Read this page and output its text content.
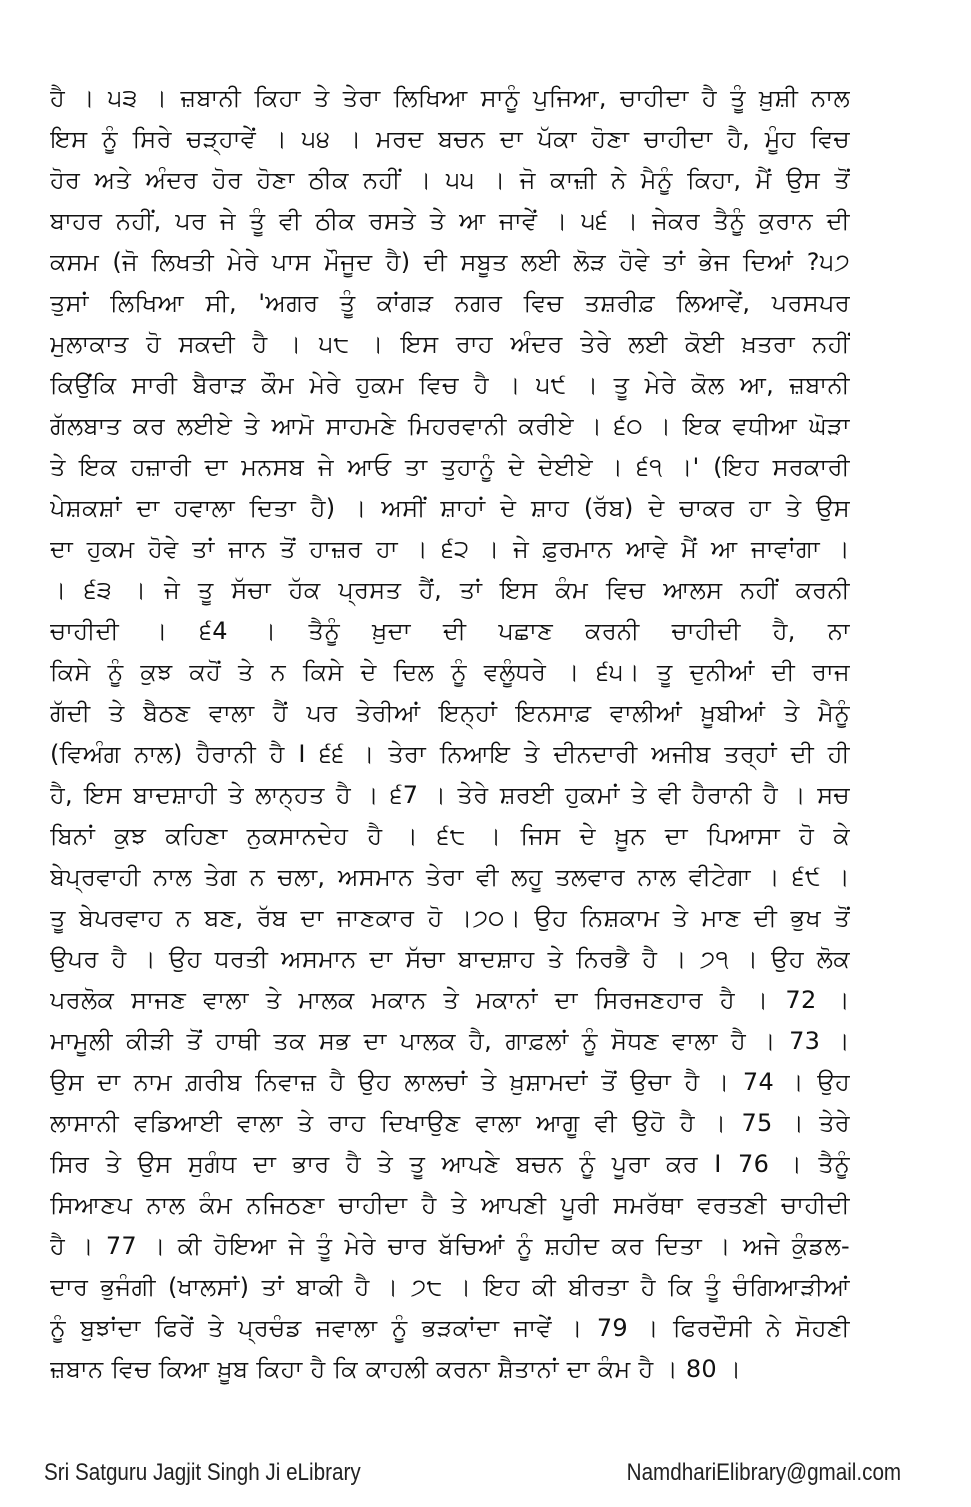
ਹੈ । ੫੩ । ਜ਼ਬਾਨੀ ਕਿਹਾ ਤੇ ਤੇਰਾ ਲਿਖਿਆ ਸਾਨੂੰ ਪੁਜਿਆ, ਚਾਹੀਦਾ ਹੈ ਤੂੰ ਖ਼ੁਸ਼ੀ ਨਾਲ
ਇਸ ਨੂੰ ਸਿਰੇ ਚੜ੍ਹਾਵੇਂ । ੫੪ । ਮਰਦ ਬਚਨ ਦਾ ਪੱਕਾ ਹੋਣਾ ਚਾਹੀਦਾ ਹੈ, ਮੂੰਹ ਵਿਚ
ਹੋਰ ਅਤੇ ਅੰਦਰ ਹੋਰ ਹੋਣਾ ਠੀਕ ਨਹੀਂ । ੫੫ । ਜੋ ਕਾਜ਼ੀ ਨੇ ਮੈਨੂੰ ਕਿਹਾ, ਮੈਂ ਉਸ ਤੋਂ
ਬਾਹਰ ਨਹੀਂ, ਪਰ ਜੇ ਤੂੰ ਵੀ ਠੀਕ ਰਸਤੇ ਤੇ ਆ ਜਾਵੇਂ । ੫੬ । ਜੇਕਰ ਤੈਨੂੰ ਕੁਰਾਨ ਦੀ
ਕਸਮ (ਜੋ ਲਿਖਤੀ ਮੇਰੇ ਪਾਸ ਮੌਜੂਦ ਹੈ) ਦੀ ਸਬੂਤ ਲਈ ਲੋੜ ਹੋਵੇ ਤਾਂ ਭੇਜ ਦਿਆਂ ?੫੭
ਤੁਸਾਂ ਲਿਖਿਆ ਸੀ, 'ਅਗਰ ਤੂੰ ਕਾਂਗੜ ਨਗਰ ਵਿਚ ਤਸ਼ਰੀਫ਼ ਲਿਆਵੇਂ, ਪਰਸਪਰ
ਮੁਲਾਕਾਤ ਹੋ ਸਕਦੀ ਹੈ । ੫੮ । ਇਸ ਰਾਹ ਅੰਦਰ ਤੇਰੇ ਲਈ ਕੋਈ ਖ਼ਤਰਾ ਨਹੀਂ
ਕਿਉਂਕਿ ਸਾਰੀ ਬੈਰਾੜ ਕੌਮ ਮੇਰੇ ਹੁਕਮ ਵਿਚ ਹੈ । ੫੯ । ਤੂ ਮੇਰੇ ਕੋਲ ਆ, ਜ਼ਬਾਨੀ
ਗੱਲਬਾਤ ਕਰ ਲਈਏ ਤੇ ਆਮੋ ਸਾਹਮਣੇ ਮਿਹਰਵਾਨੀ ਕਰੀਏ । ੬੦ । ਇਕ ਵਧੀਆ ਘੋੜਾ
ਤੇ ਇਕ ਹਜ਼ਾਰੀ ਦਾ ਮਨਸਬ ਜੇ ਆਓ ਤਾ ਤੁਹਾਨੂੰ ਦੇ ਦੇਈਏ । ੬੧ ।' (ਇਹ ਸਰਕਾਰੀ
ਪੇਸ਼ਕਸ਼ਾਂ ਦਾ ਹਵਾਲਾ ਦਿਤਾ ਹੈ) । ਅਸੀਂ ਸ਼ਾਹਾਂ ਦੇ ਸ਼ਾਹ (ਰੱਬ) ਦੇ ਚਾਕਰ ਹਾ ਤੇ ਉਸ
ਦਾ ਹੁਕਮ ਹੋਵੇ ਤਾਂ ਜਾਨ ਤੋਂ ਹਾਜ਼ਰ ਹਾ । ੬੨ । ਜੇ ਫ਼ੁਰਮਾਨ ਆਵੇ ਮੈਂ ਆ ਜਾਵਾਂਗਾ ।
। ੬੩ । ਜੇ ਤੂ ਸੱਚਾ ਹੱਕ ਪ੍ਰਸਤ ਹੈਂ, ਤਾਂ ਇਸ ਕੰਮ ਵਿਚ ਆਲਸ ਨਹੀਂ ਕਰਨੀ
ਚਾਹੀਦੀ । ੬4 । ਤੈਨੂੰ ਖ਼ੁਦਾ ਦੀ ਪਛਾਣ ਕਰਨੀ ਚਾਹੀਦੀ ਹੈ, ਨਾ
ਕਿਸੇ ਨੂੰ ਕੁਝ ਕਹੋਂ ਤੇ ਨ ਕਿਸੇ ਦੇ ਦਿਲ ਨੂੰ ਵਲੂੰਧਰੇ । ੬੫। ਤੂ ਦੁਨੀਆਂ ਦੀ ਰਾਜ
ਗੱਦੀ ਤੇ ਬੈਠਣ ਵਾਲਾ ਹੈਂ ਪਰ ਤੇਰੀਆਂ ਇਨ੍ਹਾਂ ਇਨਸਾਫ਼ ਵਾਲੀਆਂ ਖ਼ੂਬੀਆਂ ਤੇ ਮੈਨੂੰ
(ਵਿਅੰਗ ਨਾਲ) ਹੈਰਾਨੀ ਹੈ I ੬੬ । ਤੇਰਾ ਨਿਆਇ ਤੇ ਦੀਨਦਾਰੀ ਅਜੀਬ ਤਰ੍ਹਾਂ ਦੀ ਹੀ
ਹੈ, ਇਸ ਬਾਦਸ਼ਾਹੀ ਤੇ ਲਾਨ੍ਹਤ ਹੈ । ੬7 । ਤੇਰੇ ਸ਼ਰਈ ਹੁਕਮਾਂ ਤੇ ਵੀ ਹੈਰਾਨੀ ਹੈ । ਸਚ
ਬਿਨਾਂ ਕੁਝ ਕਹਿਣਾ ਨੁਕਸਾਨਦੇਹ ਹੈ । ੬੮ । ਜਿਸ ਦੇ ਖ਼ੂਨ ਦਾ ਪਿਆਸਾ ਹੋ ਕੇ
ਬੇਪ੍ਰਵਾਹੀ ਨਾਲ ਤੇਗ ਨ ਚਲਾ, ਅਸਮਾਨ ਤੇਰਾ ਵੀ ਲਹੂ ਤਲਵਾਰ ਨਾਲ ਵੀਟੇਗਾ । ੬੯ ।
ਤੂ ਬੇਪਰਵਾਹ ਨ ਬਣ, ਰੱਬ ਦਾ ਜਾਣਕਾਰ ਹੋ ।੭੦। ਉਹ ਨਿਸ਼ਕਾਮ ਤੇ ਮਾਣ ਦੀ ਭੁਖ ਤੋਂ
ਉਪਰ ਹੈ । ਉਹ ਧਰਤੀ ਅਸਮਾਨ ਦਾ ਸੱਚਾ ਬਾਦਸ਼ਾਹ ਤੇ ਨਿਰਭੈ ਹੈ । ੭੧ । ਉਹ ਲੋਕ
ਪਰਲੋਕ ਸਾਜਣ ਵਾਲਾ ਤੇ ਮਾਲਕ ਮਕਾਨ ਤੇ ਮਕਾਨਾਂ ਦਾ ਸਿਰਜਣਹਾਰ ਹੈ । 72 ।
ਮਾਮੂਲੀ ਕੀੜੀ ਤੋਂ ਹਾਥੀ ਤਕ ਸਭ ਦਾ ਪਾਲਕ ਹੈ, ਗਾਫ਼ਲਾਂ ਨੂੰ ਸੋਧਣ ਵਾਲਾ ਹੈ । 73 ।
ਉਸ ਦਾ ਨਾਮ ਗ਼ਰੀਬ ਨਿਵਾਜ਼ ਹੈ ਉਹ ਲਾਲਚਾਂ ਤੇ ਖ਼ੁਸ਼ਾਮਦਾਂ ਤੋਂ ਉਚਾ ਹੈ । 74 । ਉਹ
ਲਾਸਾਨੀ ਵਡਿਆਈ ਵਾਲਾ ਤੇ ਰਾਹ ਦਿਖਾਉਣ ਵਾਲਾ ਆਗੂ ਵੀ ਉਹੋ ਹੈ । 75 । ਤੇਰੇ
ਸਿਰ ਤੇ ਉਸ ਸੁਗੰਧ ਦਾ ਭਾਰ ਹੈ ਤੇ ਤੂ ਆਪਣੇ ਬਚਨ ਨੂੰ ਪੂਰਾ ਕਰ I 76 । ਤੈਨੂੰ
ਸਿਆਣਪ ਨਾਲ ਕੰਮ ਨਜਿਠਣਾ ਚਾਹੀਦਾ ਹੈ ਤੇ ਆਪਣੀ ਪੂਰੀ ਸਮਰੱਥਾ ਵਰਤਣੀ ਚਾਹੀਦੀ
ਹੈ । 77 । ਕੀ ਹੋਇਆ ਜੇ ਤੂੰ ਮੇਰੇ ਚਾਰ ਬੱਚਿਆਂ ਨੂੰ ਸ਼ਹੀਦ ਕਰ ਦਿਤਾ । ਅਜੇ ਕੁੰਡਲ-
ਦਾਰ ਭੁਜੰਗੀ (ਖਾਲਸਾਂ) ਤਾਂ ਬਾਕੀ ਹੈ । ੭੮ । ਇਹ ਕੀ ਬੀਰਤਾ ਹੈ ਕਿ ਤੂੰ ਚੰਗਿਆੜੀਆਂ
ਨੂੰ ਬੁਝਾਂਦਾ ਫਿਰੇਂ ਤੇ ਪ੍ਰਚੰਡ ਜਵਾਲਾ ਨੂੰ ਭੜਕਾਂਦਾ ਜਾਵੇਂ । 79 । ਫਿਰਦੌਸੀ ਨੇ ਸੋਹਣੀ
ਜ਼ਬਾਨ ਵਿਚ ਕਿਆ ਖ਼ੂਬ ਕਿਹਾ ਹੈ ਕਿ ਕਾਹਲੀ ਕਰਨਾ ਸ਼ੈਤਾਨਾਂ ਦਾ ਕੰਮ ਹੈ । 80 ।
Sri Satguru Jagjit Singh Ji eLibrary	NamdhariElibrary@gmail.com
